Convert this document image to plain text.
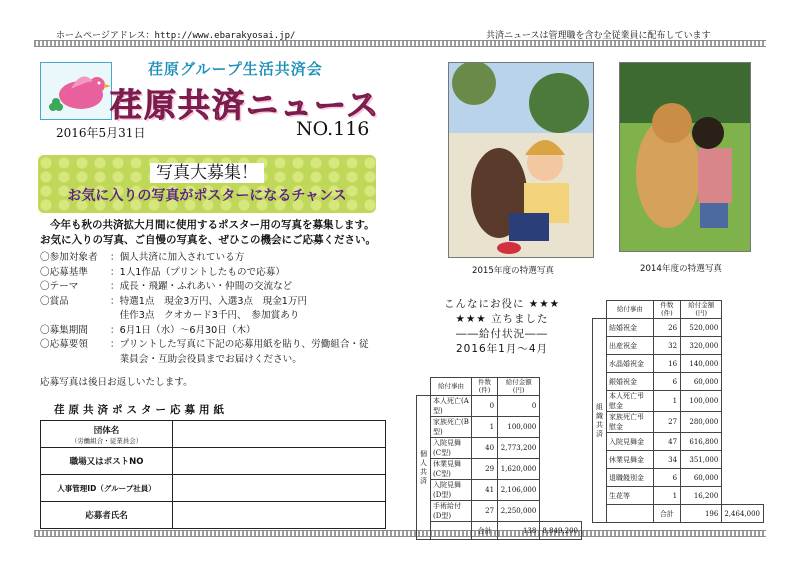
ホームページアドレス：http://www.ebarakyosai.jp/	共済ニュースは管理職を含む全従業員に配布しています
荏原グループ生活共済会
荏原共済ニュース
2016年5月31日	NO.116
写真大募集！
お気に入りの写真がポスターになるチャンス
今年も秋の共済拡大月間に使用するポスター用の写真を募集します。
お気に入りの写真、ご自慢の写真を、ぜひこの機会にご応募ください。
〇参加対象者 ：個人共済に加入されている方
〇応募基準 ：1人1作品（プリントしたもので応募）
〇テーマ	：成長・飛躍・ふれあい・仲間の交流など
〇賞品	：特選1点　現金3万円、入選3点　現金1万円
　佳作3点　クオカード3千円、　参加賞あり
〇募集期間 ：6月1日（水）～6月30日（木）
〇応募要領 ：プリントした写真に下記の応募用紙を貼り、労働組合・従
　業員会・互助会役員までお届けください。
応募写真は後日お返しいたします。
荏原共済ポスター応募用紙
団体名
（労働組合・従業員会）	

職場又はポストNO	
人事管理ID（グループ社員）	
応募者氏名	
2015年度の特選写真	2014年度の特選写真
こんなにお役に ★★★
★★★ 立ちました
――給付状況――
2016年1月～4月
	給付事由	件数(件)	給付金額(円)	
個人共済	本人死亡(A型)	0	0	
	家族死亡(B型)	1	100,000	
	入院見舞(C型)	40	2,773,200	
	休業見舞(C型)	29	1,620,000	
	入院見舞(D型)	41	2,106,000	
	手術給付(D型)	27	2,250,000	
		合計	138	8,849,200
	給付事由	件数(件)	給付金額(円)	
組織共済	結婚祝金	26	520,000	
	出産祝金	32	320,000	
	水晶婚祝金	16	140,000	
	銀婚祝金	6	60,000	
	本人死亡弔慰金	1	100,000	
	家族死亡弔慰金	27	280,000	
	入院見舞金	47	616,800	
	休業見舞金	34	351,000	
	退職餞別金	6	60,000	
	生花等	1	16,200	
		合計	196	2,464,000
